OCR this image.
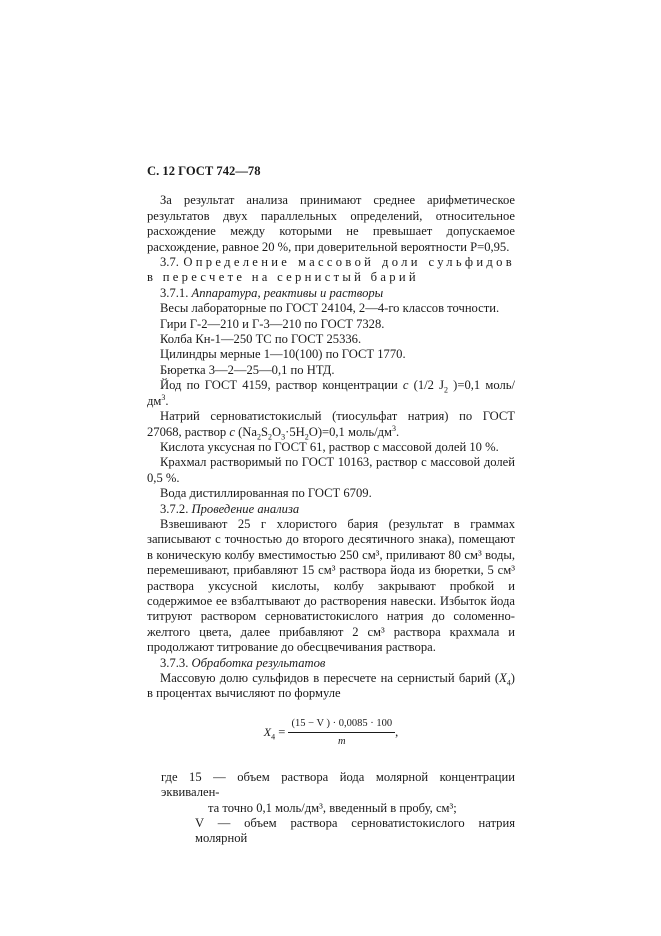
С. 12 ГОСТ 742—78

За результат анализа принимают среднее арифметическое результатов двух параллельных определений, относительное расхождение между которыми не превышает допускаемое расхождение, равное 20 %, при доверительной вероятности P=0,95.

3.7. Определение массовой доли сульфидов в пересчете на сернистый барий

3.7.1. Аппаратура, реактивы и растворы

Весы лабораторные по ГОСТ 24104, 2—4-го классов точности.

Гири Г-2—210 и Г-3—210 по ГОСТ 7328.

Колба Кн-1—250 ТС по ГОСТ 25336.

Цилиндры мерные 1—10(100) по ГОСТ 1770.

Бюретка 3—2—25—0,1 по НТД.

Йод по ГОСТ 4159, раствор концентрации c (1/2 $J_2$ )=0,1 моль/$дм^3$.

Натрий серноватистокислый (тиосульфат натрия) по ГОСТ 27068, раствор c $(Na_2S_2O_3\cdot 5H_2O)=0,1$ моль/$дм^3$.

Кислота уксусная по ГОСТ 61, раствор с массовой долей 10 %.

Крахмал растворимый по ГОСТ 10163, раствор с массовой долей 0,5 %.

Вода дистиллированная по ГОСТ 6709.

3.7.2. Проведение анализа

Взвешивают 25 г хлористого бария (результат в граммах записывают с точностью до второго десятичного знака), помещают в коническую колбу вместимостью 250 см³, приливают 80 см³ воды, перемешивают, прибавляют 15 см³ раствора йода из бюретки, 5 см³ раствора уксусной кислоты, колбу закрывают пробкой и содержимое ее взбалтывают до растворения навески. Избыток йода титруют раствором серноватистокислого натрия до соломенно-желтого цвета, далее прибавляют 2 см³ раствора крахмала и продолжают титрование до обесцвечивания раствора.

3.7.3. Обработка результатов

Массовую долю сульфидов в пересчете на сернистый барий $(X_4)$ в процентах вычисляют по формуле

$X_4 = \frac{(15 - V ) \cdot 0,0085 \cdot 100}{m}$ ,

где 15 — объем раствора йода молярной концентрации эквивален-

та точно 0,1 моль/дм³, введенный в пробу, см³;

V — объем раствора серноватистокислого натрия молярной
